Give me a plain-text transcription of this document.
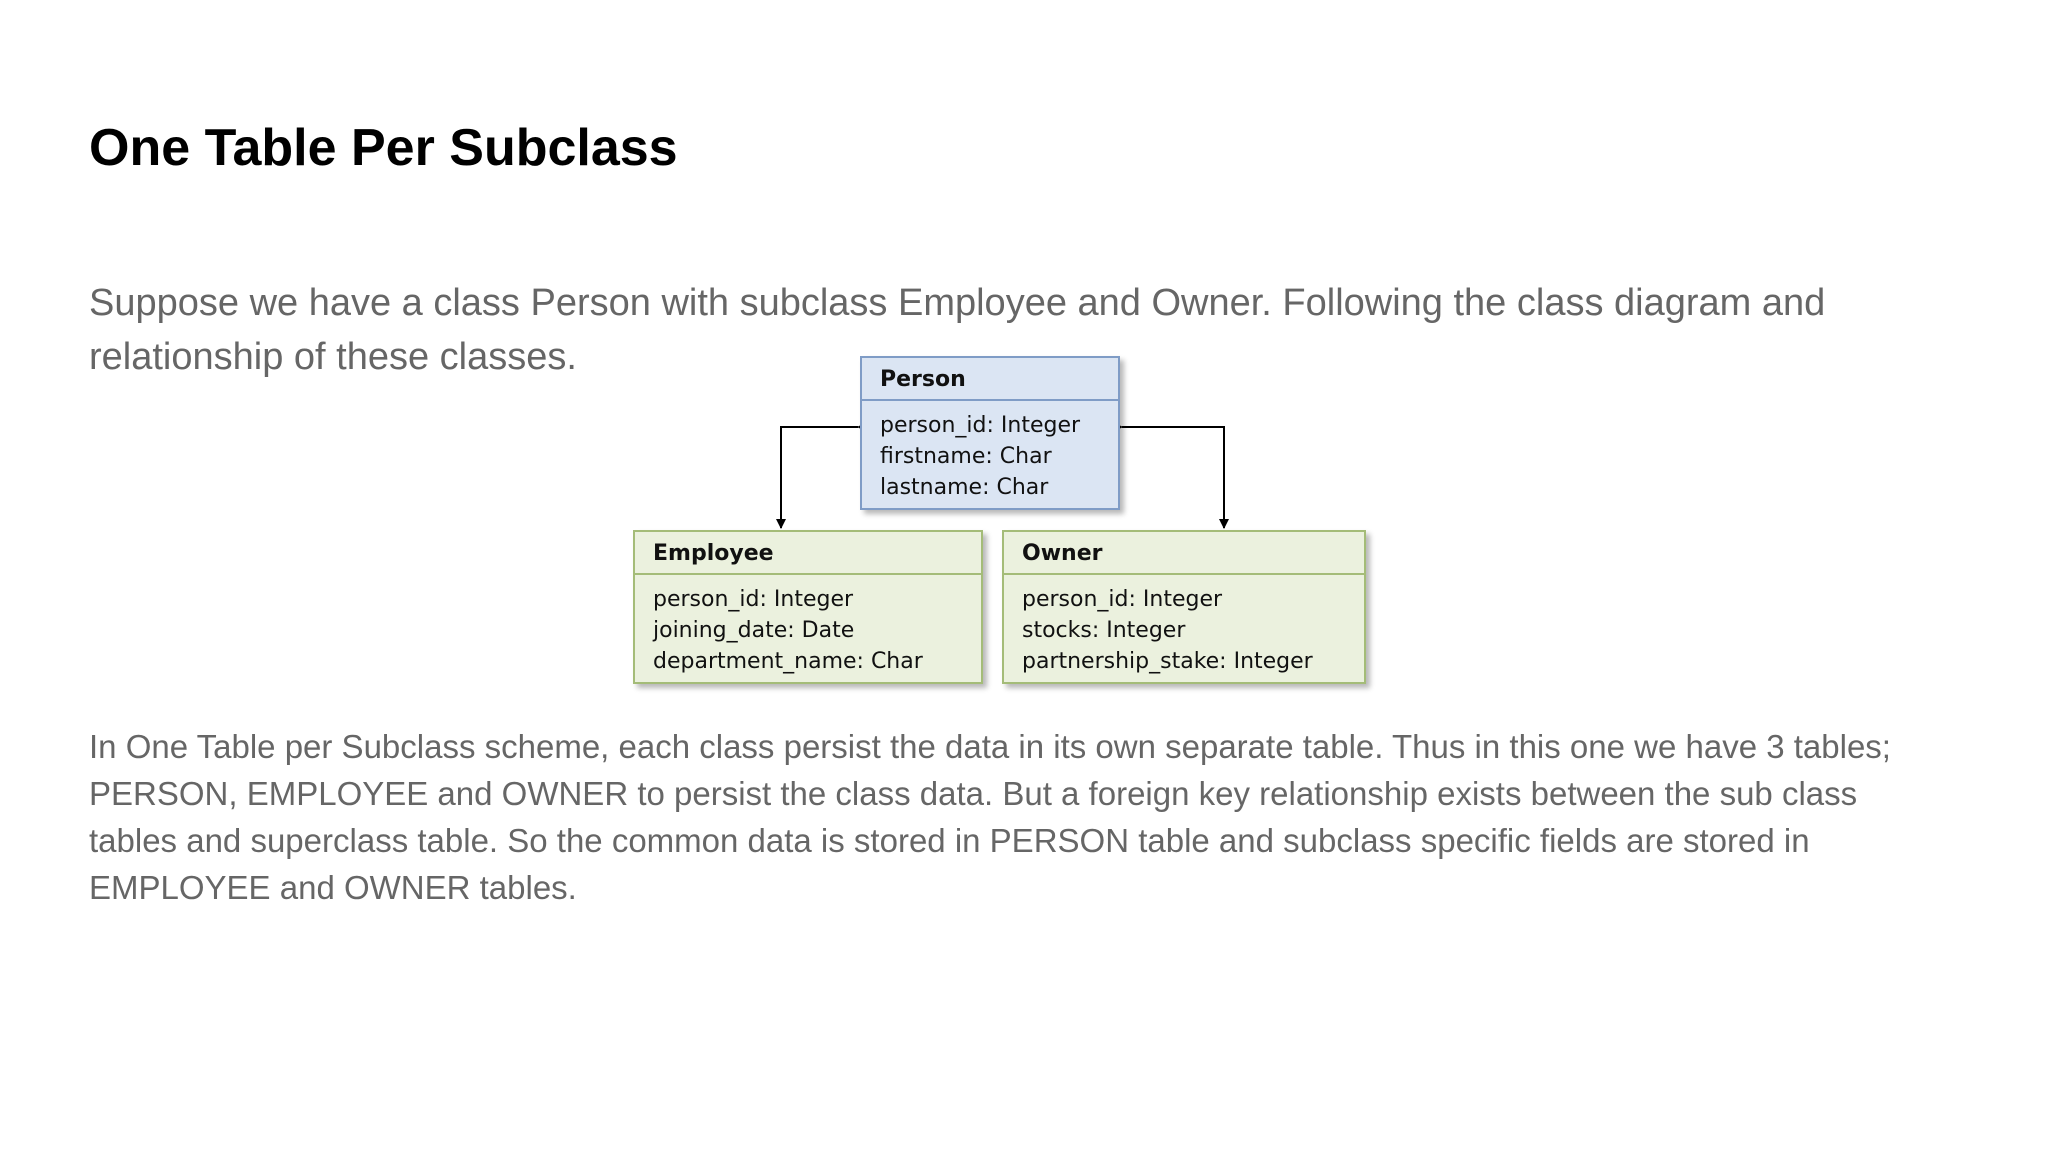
One Table Per Subclass

Suppose we have a class Person with subclass Employee and Owner. Following the class diagram and relationship of these classes.

Person
person_id: Integer
firstname: Char
lastname: Char
Employee
person_id: Integer
joining_date: Date
department_name: Char
Owner
person_id: Integer
stocks: Integer
partnership_stake: Integer

In One Table per Subclass scheme, each class persist the data in its own separate table. Thus in this one we have 3 tables;
PERSON, EMPLOYEE and OWNER to persist the class data. But a foreign key relationship exists between the sub class
tables and superclass table. So the common data is stored in PERSON table and subclass specific fields are stored in
EMPLOYEE and OWNER tables.
